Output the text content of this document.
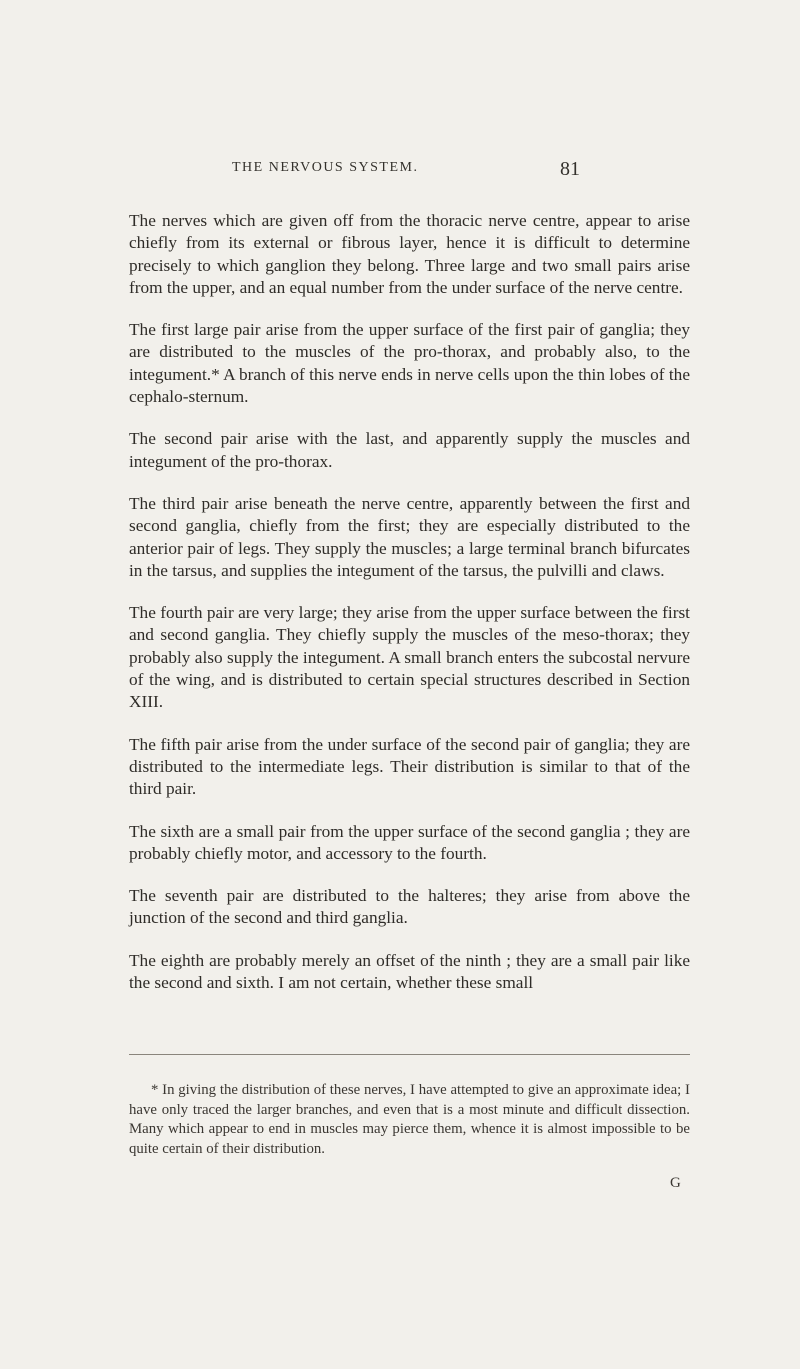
THE NERVOUS SYSTEM.	81

The nerves which are given off from the thoracic nerve centre, appear to arise chiefly from its external or fibrous layer, hence it is difficult to determine precisely to which ganglion they belong. Three large and two small pairs arise from the upper, and an equal number from the under surface of the nerve centre.

The first large pair arise from the upper surface of the first pair of ganglia; they are distributed to the muscles of the pro-thorax, and probably also, to the integument.* A branch of this nerve ends in nerve cells upon the thin lobes of the cephalo-sternum.

The second pair arise with the last, and apparently supply the muscles and integument of the pro-thorax.

The third pair arise beneath the nerve centre, apparently between the first and second ganglia, chiefly from the first; they are especially distributed to the anterior pair of legs. They supply the muscles; a large terminal branch bifurcates in the tarsus, and supplies the integument of the tarsus, the pulvilli and claws.

The fourth pair are very large; they arise from the upper surface between the first and second ganglia. They chiefly supply the muscles of the meso-thorax; they probably also supply the integument. A small branch enters the subcostal nervure of the wing, and is distributed to certain special structures described in Section XIII.

The fifth pair arise from the under surface of the second pair of ganglia; they are distributed to the intermediate legs. Their distribution is similar to that of the third pair.

The sixth are a small pair from the upper surface of the second ganglia ; they are probably chiefly motor, and accessory to the fourth.

The seventh pair are distributed to the halteres; they arise from above the junction of the second and third ganglia.

The eighth are probably merely an offset of the ninth ; they are a small pair like the second and sixth. I am not certain, whether these small

* In giving the distribution of these nerves, I have attempted to give an approximate idea; I have only traced the larger branches, and even that is a most minute and difficult dissection. Many which appear to end in muscles may pierce them, whence it is almost impossible to be quite certain of their distribution.

G
